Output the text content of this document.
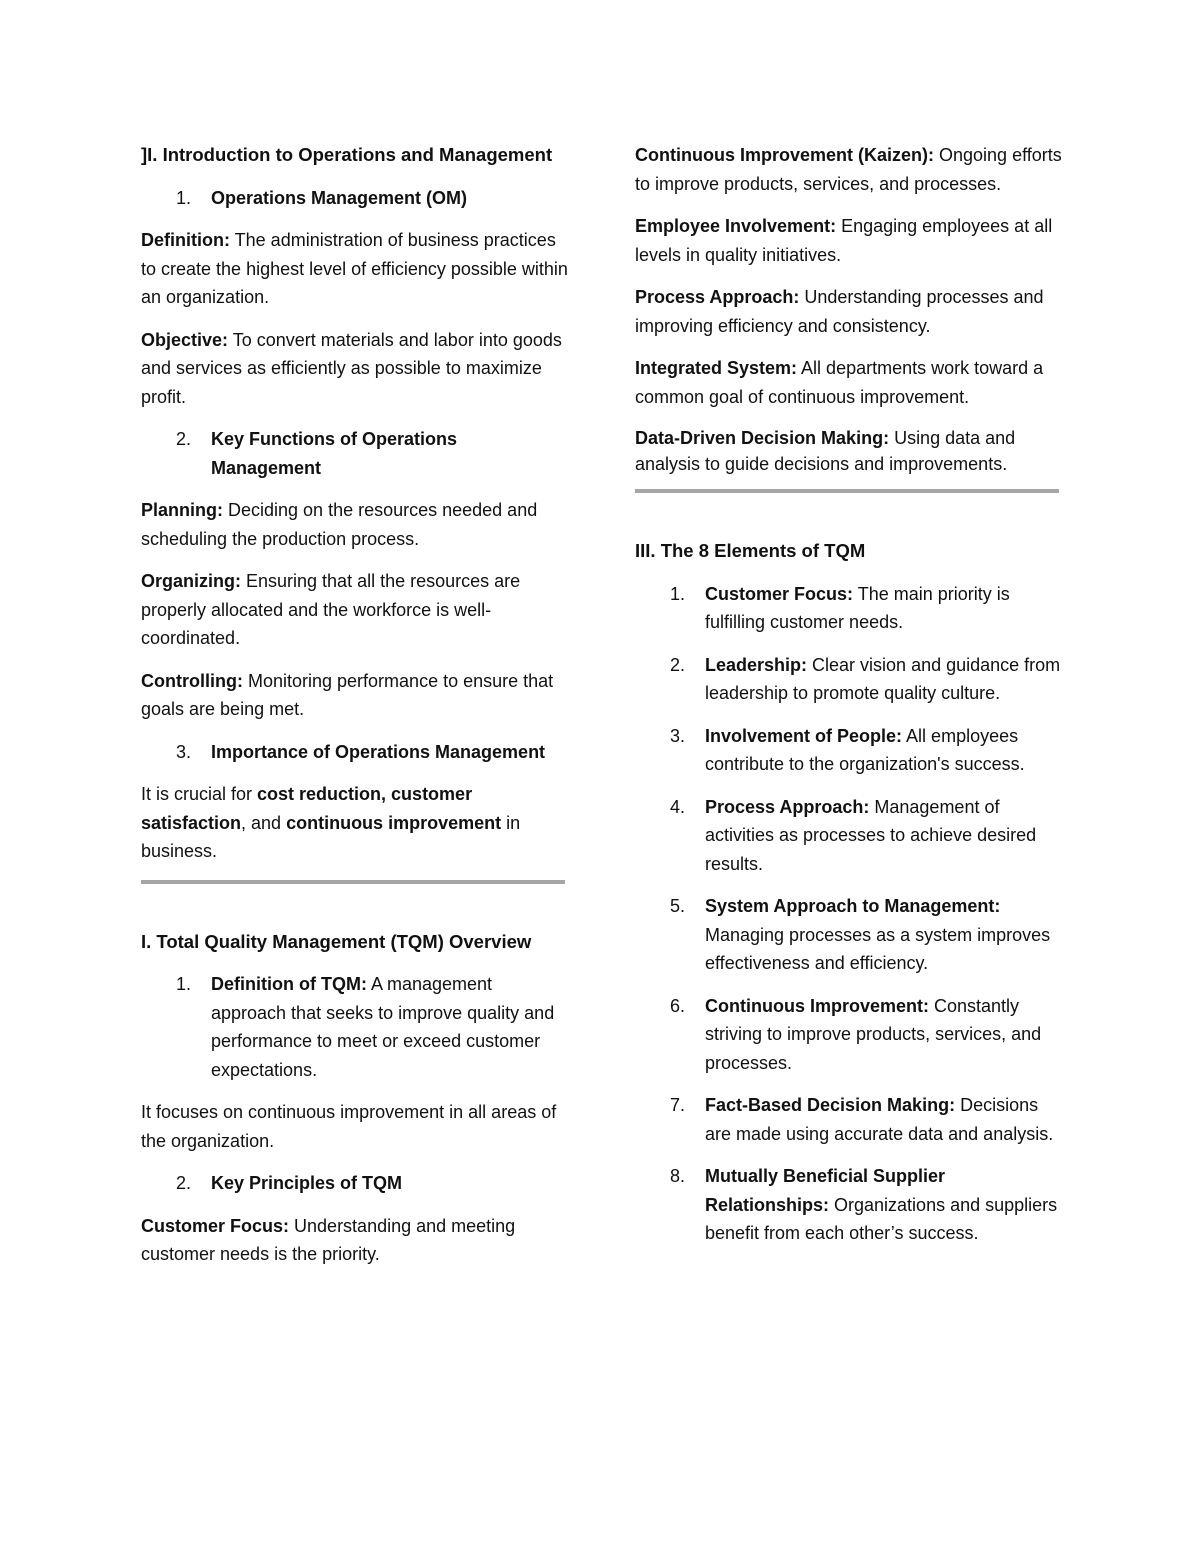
]I. Introduction to Operations and Management
1.	Operations Management (OM)

Definition: The administration of business practices to create the highest level of efficiency possible within an organization.

Objective: To convert materials and labor into goods and services as efficiently as possible to maximize profit.

2.	Key Functions of Operations Management

Planning: Deciding on the resources needed and scheduling the production process.

Organizing: Ensuring that all the resources are properly allocated and the workforce is well-coordinated.

Controlling: Monitoring performance to ensure that goals are being met.

3.	Importance of Operations Management

It is crucial for cost reduction, customer satisfaction, and continuous improvement in business.

I. Total Quality Management (TQM) Overview
1.	Definition of TQM: A management approach that seeks to improve quality and performance to meet or exceed customer expectations.

It focuses on continuous improvement in all areas of the organization.

2.	Key Principles of TQM

Customer Focus: Understanding and meeting customer needs is the priority.

Continuous Improvement (Kaizen): Ongoing efforts to improve products, services, and processes.

Employee Involvement: Engaging employees at all levels in quality initiatives.

Process Approach: Understanding processes and improving efficiency and consistency.

Integrated System: All departments work toward a common goal of continuous improvement.

Data-Driven Decision Making: Using data and analysis to guide decisions and improvements.

III. The 8 Elements of TQM
1.	Customer Focus: The main priority is fulfilling customer needs.
2.	Leadership: Clear vision and guidance from leadership to promote quality culture.
3.	Involvement of People: All employees contribute to the organization's success.
4.	Process Approach: Management of activities as processes to achieve desired results.
5.	System Approach to Management: Managing processes as a system improves effectiveness and efficiency.
6.	Continuous Improvement: Constantly striving to improve products, services, and processes.
7.	Fact-Based Decision Making: Decisions are made using accurate data and analysis.
8.	Mutually Beneficial Supplier Relationships: Organizations and suppliers benefit from each other’s success.
